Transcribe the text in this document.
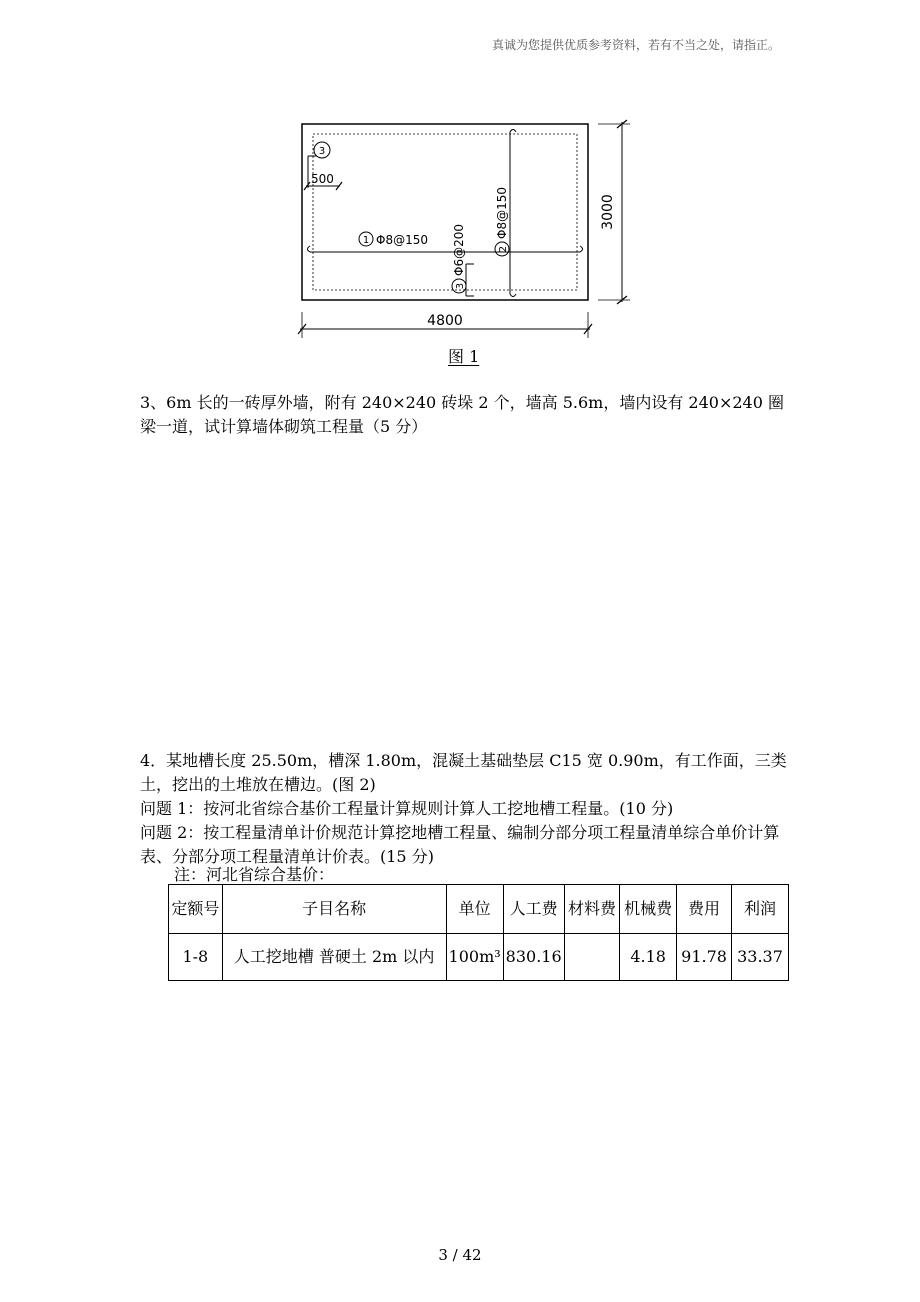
真诚为您提供优质参考资料，若有不当之处，请指正。
3
500
1 Φ8@150
2
Φ8@150
3
Φ6@200
3000
4800
图 1

3、6m 长的一砖厚外墙，附有 240×240 砖垛 2 个，墙高 5.6m，墙内设有 240×240 圈梁一道，试计算墙体砌筑工程量（5 分）

4．某地槽长度 25.50m，槽深 1.80m，混凝土基础垫层 C15 宽 0.90m，有工作面，三类土，挖出的土堆放在槽边。(图 2)
问题 1：按河北省综合基价工程量计算规则计算人工挖地槽工程量。(10 分)
问题 2：按工程量清单计价规范计算挖地槽工程量、编制分部分项工程量清单综合单价计算表、分部分项工程量清单计价表。(15 分)
注：河北省综合基价：
定额号	子目名称	单位	人工费	材料费	机械费	费用	利润
1-8	人工挖地槽 普硬土 2m 以内	100m³	830.16		4.18	91.78	33.37
3 / 42
